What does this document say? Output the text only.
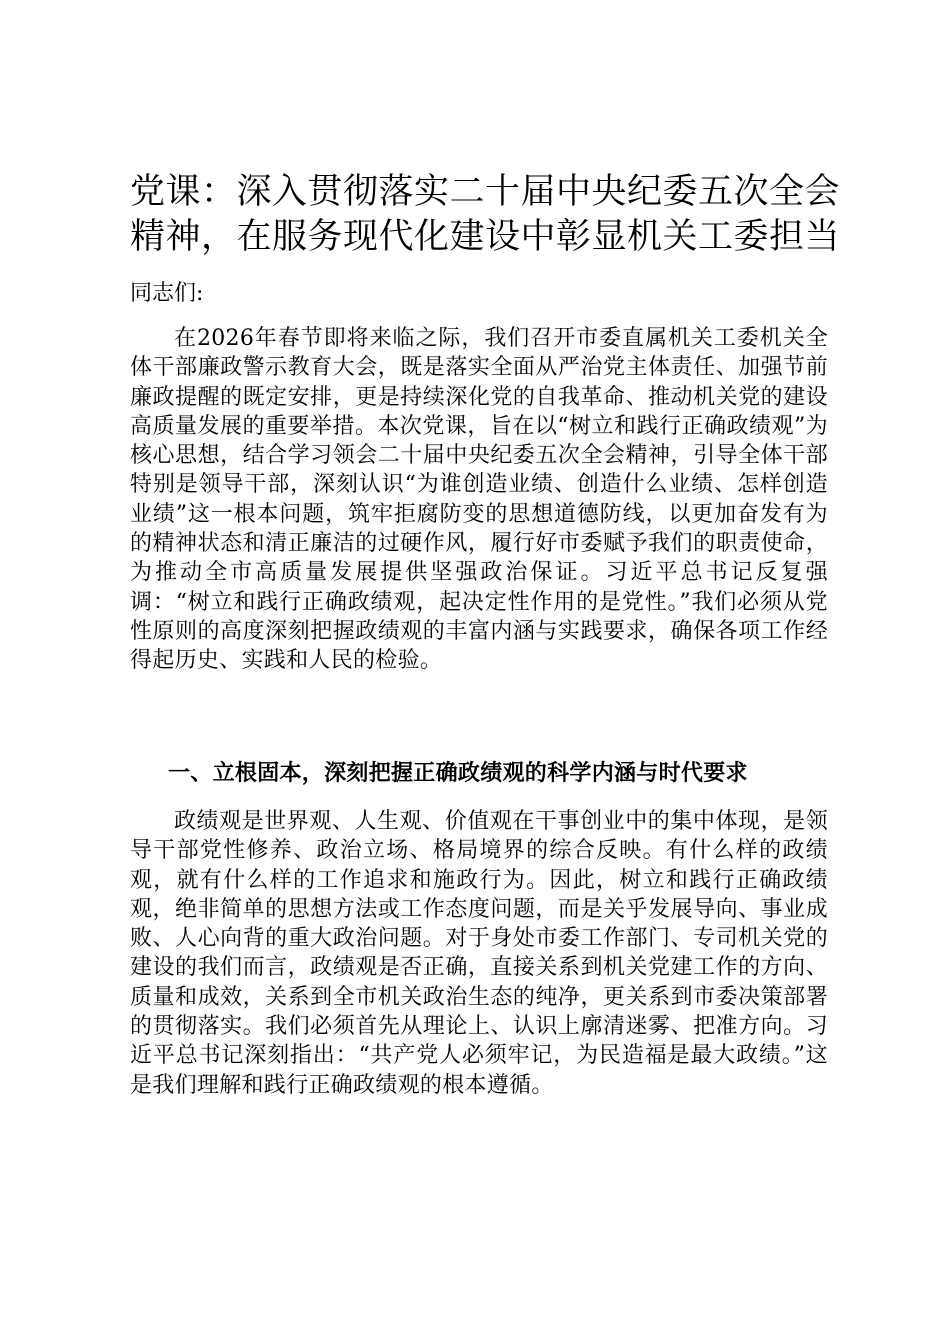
党课：深入贯彻落实二十届中央纪委五次全会
精神，在服务现代化建设中彰显机关工委担当

同志们:

在2026年春节即将来临之际，我们召开市委直属机关工委机关全体干部廉政警示教育大会，既是落实全面从严治党主体责任、加强节前廉政提醒的既定安排，更是持续深化党的自我革命、推动机关党的建设高质量发展的重要举措。本次党课，旨在以“树立和践行正确政绩观”为核心思想，结合学习领会二十届中央纪委五次全会精神，引导全体干部特别是领导干部，深刻认识“为谁创造业绩、创造什么业绩、怎样创造业绩”这一根本问题，筑牢拒腐防变的思想道德防线，以更加奋发有为的精神状态和清正廉洁的过硬作风，履行好市委赋予我们的职责使命，为推动全市高质量发展提供坚强政治保证。习近平总书记反复强调：“树立和践行正确政绩观，起决定性作用的是党性。”我们必须从党性原则的高度深刻把握政绩观的丰富内涵与实践要求，确保各项工作经得起历史、实践和人民的检验。

一、立根固本，深刻把握正确政绩观的科学内涵与时代要求

政绩观是世界观、人生观、价值观在干事创业中的集中体现，是领导干部党性修养、政治立场、格局境界的综合反映。有什么样的政绩观，就有什么样的工作追求和施政行为。因此，树立和践行正确政绩观，绝非简单的思想方法或工作态度问题，而是关乎发展导向、事业成败、人心向背的重大政治问题。对于身处市委工作部门、专司机关党的建设的我们而言，政绩观是否正确，直接关系到机关党建工作的方向、质量和成效，关系到全市机关政治生态的纯净，更关系到市委决策部署的贯彻落实。我们必须首先从理论上、认识上廓清迷雾、把准方向。习近平总书记深刻指出：“共产党人必须牢记，为民造福是最大政绩。”这是我们理解和践行正确政绩观的根本遵循。
